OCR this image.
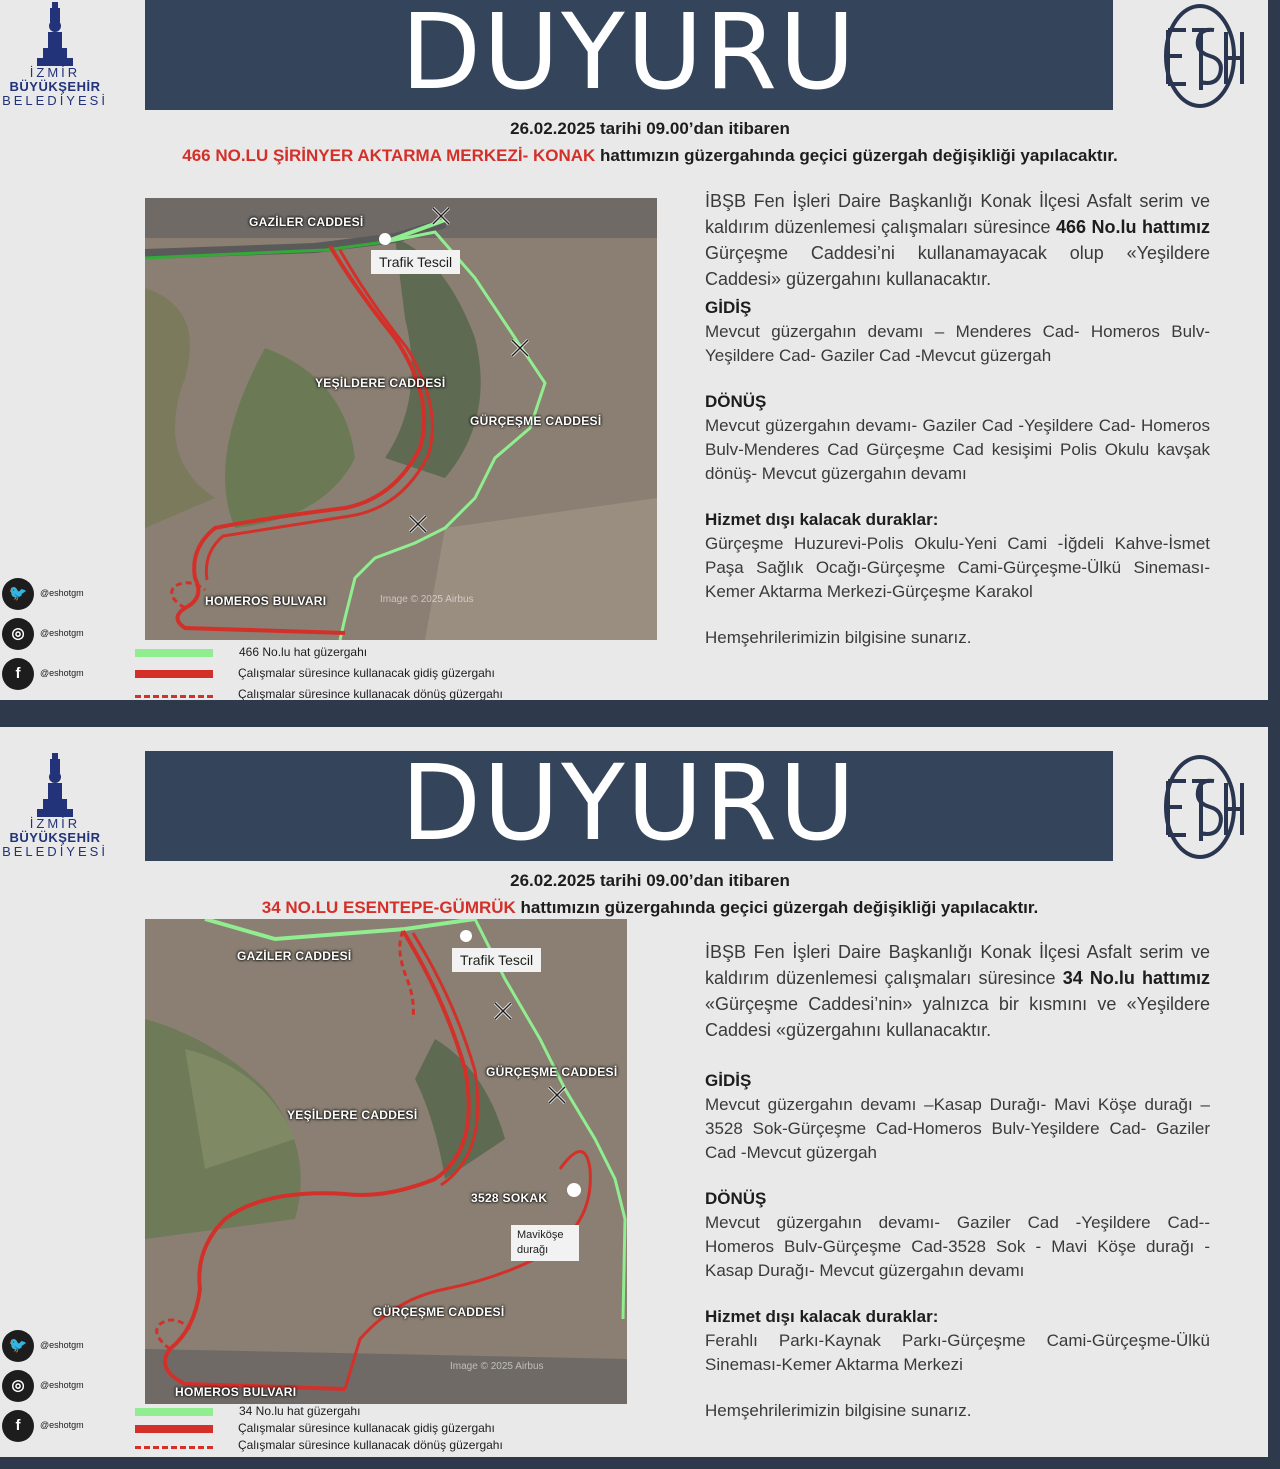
İZMİR
BÜYÜKŞEHİR
BELEDİYESİ	DUYURU
26.02.2025 tarihi 09.00’dan itibaren
466 NO.LU ŞİRİNYER AKTARMA MERKEZİ- KONAK hattımızın güzergahında geçici güzergah değişikliği yapılacaktır.
GAZİLER CADDESİ
YEŞİLDERE CADDESİ
GÜRÇEŞME CADDESİ
HOMEROS BULVARI
Trafik Tescil
Image © 2025 Airbus
466 No.lu hat güzergahı
Çalışmalar süresince kullanacak gidiş güzergahı
Çalışmalar süresince kullanacak dönüş güzergahı
🐦	@eshotgm
◎	@eshotgm
f	@eshotgm
İBŞB Fen İşleri Daire Başkanlığı Konak İlçesi Asfalt serim ve kaldırım düzenlemesi çalışmaları süresince 466 No.lu hattımız Gürçeşme Caddesi’ni kullanamayacak olup «Yeşildere Caddesi» güzergahını kullanacaktır.
GİDİŞ
Mevcut güzergahın devamı – Menderes Cad- Homeros Bulv- Yeşildere Cad- Gaziler Cad -Mevcut güzergah
DÖNÜŞ
Mevcut güzergahın devamı- Gaziler Cad -Yeşildere Cad- Homeros Bulv-Menderes Cad Gürçeşme Cad kesişimi Polis Okulu kavşak dönüş- Mevcut güzergahın devamı
Hizmet dışı kalacak duraklar:
Gürçeşme Huzurevi-Polis Okulu-Yeni Cami -İğdeli Kahve-İsmet Paşa Sağlık Ocağı-Gürçeşme Cami-Gürçeşme-Ülkü Sineması-Kemer Aktarma Merkezi-Gürçeşme Karakol
Hemşehrilerimizin bilgisine sunarız.
İZMİR
BÜYÜKŞEHİR
BELEDİYESİ	DUYURU
26.02.2025 tarihi 09.00’dan itibaren
34 NO.LU ESENTEPE-GÜMRÜK hattımızın güzergahında geçici güzergah değişikliği yapılacaktır.
GAZİLER CADDESİ
YEŞİLDERE CADDESİ
GÜRÇEŞME CADDESİ
3528 SOKAK
GÜRÇEŞME CADDESİ
HOMEROS BULVARI
Trafik Tescil
Maviköşe durağı
Image © 2025 Airbus
34 No.lu hat güzergahı
Çalışmalar süresince kullanacak gidiş güzergahı
Çalışmalar süresince kullanacak dönüş güzergahı
🐦	@eshotgm
◎	@eshotgm
f	@eshotgm
İBŞB Fen İşleri Daire Başkanlığı Konak İlçesi Asfalt serim ve kaldırım düzenlemesi çalışmaları süresince 34 No.lu hattımız «Gürçeşme Caddesi’nin» yalnızca bir kısmını ve «Yeşildere Caddesi «güzergahını kullanacaktır.
GİDİŞ
Mevcut güzergahın devamı –Kasap Durağı- Mavi Köşe durağı – 3528 Sok-Gürçeşme Cad-Homeros Bulv-Yeşildere Cad- Gaziler Cad -Mevcut güzergah
DÖNÜŞ
Mevcut güzergahın devamı- Gaziler Cad -Yeşildere Cad-- Homeros Bulv-Gürçeşme Cad-3528 Sok - Mavi Köşe durağı - Kasap Durağı- Mevcut güzergahın devamı
Hizmet dışı kalacak duraklar:
Ferahlı Parkı-Kaynak Parkı-Gürçeşme Cami-Gürçeşme-Ülkü Sineması-Kemer Aktarma Merkezi
Hemşehrilerimizin bilgisine sunarız.
